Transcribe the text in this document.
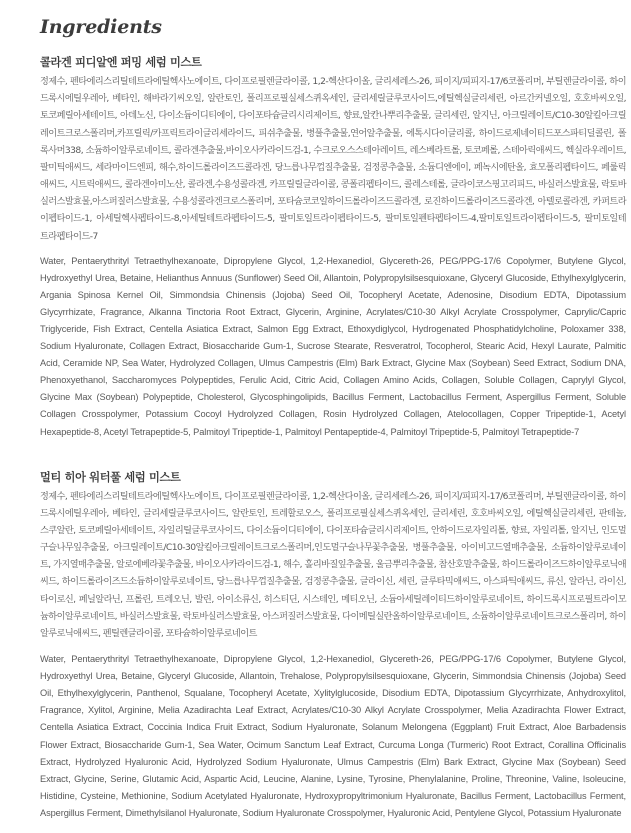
Ingredients
콜라겐 피디알엔 퍼밍 세럼 미스트

정제수, 펜타에리스리틸테트라에틸헥사노에이트, 다이프로필렌글라이콜, 1,2-헥산다이올, 글리세레스-26, 피이지/피피지-17/6코폴리머, 부틸렌글라이콜, 하이드록시에틸우레아, 베타인, 해바라기씨오일, 알란토인, 폴리프로필실세스퀴옥세인, 글리세릴글루코사이드,에틸헥실글리세린, 아르간커넬오일, 호호바씨오일, 토코페릴아세테이트, 아데노신, 다이소듐이디티에이, 다이포타슘글리시리제이트, 향료,알칸나뿌리추출물, 글리세린, 알지닌, 아크릴레이트/C10-30알킬아크릴레이트크로스폴리머,카프릴릭/카프릭트라이글리세라이드, 피쉬추출물, 병풀추출물,연어알추출물, 에톡시다이글리콜, 하이드로제네이티드포스파티딜콜린, 폴록사머338, 소듐하이알루로네이트, 콜라겐추출물,바이오사카라이드검-1, 수크로오스스테아레이트, 레스베라트롤, 토코페롤, 스테아릭애씨드, 헥실라우레이트, 팔미틱애씨드, 세라마이드엔피, 해수,하이드롤라이즈드콜라겐, 당느릅나무껍질추출물, 검정콩추출물, 소듐디엔에이, 페녹시에탄올, 효모폴리펩타이드, 페룰릭애씨드, 시트릭애씨드, 콜라겐아미노산, 콜라겐,수용성콜라겐, 카프릴릴글라이콜, 콩폴리펩타이드, 콜레스테롤, 글라이코스핑고리피드, 바실러스발효물, 락토바실러스발효물,아스퍼질러스발효물, 수용성콜라겐크로스폴리머, 포타슘코코일하이드롤라이즈드콜라겐, 로진하이드롤라이즈드콜라겐, 아텔로콜라겐, 카퍼트라이펩타이드-1, 아세틸헥사펩타이드-8,아세틸테트라펩타이드-5, 팔미토일트라이펩타이드-5, 팔미토일펜타펩타이드-4,팔미토일트라이펩타이드-5, 팔미토일테트라펩타이드-7

Water, Pentaerythrityl Tetraethylhexanoate, Dipropylene Glycol, 1,2-Hexanediol, Glycereth-26, PEG/PPG-17/6 Copolymer, Butylene Glycol, Hydroxyethyl Urea, Betaine, Helianthus Annuus (Sunflower) Seed Oil, Allantoin, Polypropylsilsesquioxane, Glyceryl Glucoside, Ethylhexylglycerin, Argania Spinosa Kernel Oil, Simmondsia Chinensis (Jojoba) Seed Oil, Tocopheryl Acetate, Adenosine, Disodium EDTA, Dipotassium Glycyrrhizate, Fragrance, Alkanna Tinctoria Root Extract, Glycerin, Arginine, Acrylates/C10-30 Alkyl Acrylate Crosspolymer, Caprylic/Capric Triglyceride, Fish Extract, Centella Asiatica Extract, Salmon Egg Extract, Ethoxydiglycol, Hydrogenated Phosphatidylcholine, Poloxamer 338, Sodium Hyaluronate, Collagen Extract, Biosaccharide Gum-1, Sucrose Stearate, Resveratrol, Tocopherol, Stearic Acid, Hexyl Laurate, Palmitic Acid, Ceramide NP, Sea Water, Hydrolyzed Collagen, Ulmus Campestris (Elm) Bark Extract, Glycine Max (Soybean) Seed Extract, Sodium DNA, Phenoxyethanol, Saccharomyces Polypeptides, Ferulic Acid, Citric Acid, Collagen Amino Acids, Collagen, Soluble Collagen, Caprylyl Glycol, Glycine Max (Soybean) Polypeptide, Cholesterol, Glycosphingolipids, Bacillus Ferment, Lactobacillus Ferment, Aspergillus Ferment, Soluble Collagen Crosspolymer, Potassium Cocoyl Hydrolyzed Collagen, Rosin Hydrolyzed Collagen, Atelocollagen, Copper Tripeptide-1, Acetyl Hexapeptide-8, Acetyl Tetrapeptide-5, Palmitoyl Tripeptide-1, Palmitoyl Pentapeptide-4, Palmitoyl Tripeptide-5, Palmitoyl Tetrapeptide-7

멀티 히아 워터풀 세럼 미스트

정제수, 펜타에리스리틸테트라에틸헥사노에이트, 다이프로필렌글라이콜, 1,2-헥산다이올, 글리세레스-26, 피이지/피피지-17/6코폴리머, 부틸렌글라이콜, 하이드록시에틸우레아, 베타인, 글리세릴글루코사이드, 알란토인, 트레할로오스, 폴리프로필실세스퀴옥세인, 글리세린, 호호바씨오일, 에틸헥실글리세린, 판테놀, 스쿠알란, 토코페릴아세테이트, 자일리틸글루코사이드, 다이소듐이디티에이, 다이포타슘글리시리제이트, 안하이드로자일리톨, 향료, 자일리톨, 알지닌, 인도멀구슬나무잎추출물, 아크릴레이트/C10-30알킬아크릴레이트크로스폴리머,인도멀구슬나무꽃추출물, 병풀추출물, 아이비고드열매추출물, 소듐하이알루로네이트, 가지열매추출물, 알로에베라꽃추출물, 바이오사카라이드검-1, 해수, 홀리바질잎추출물, 울금뿌리추출물, 참산호말추출물, 하이드롤라이즈드하이알루로닉애씨드, 하이드롤라이즈드소듐하이알루로네이트, 당느릅나무껍질추출물, 검정콩추출물, 글라이신, 세린, 글루타믹애씨드, 아스파틱애씨드, 류신, 알라닌, 라이신, 타이로신, 페닐알라닌, 프롤린, 트레오닌, 발린, 아이소류신, 히스티딘, 시스테인, 메티오닌, 소듐아세틸레이티드하이알루로네이트, 하이드록시프로필트라이모늄하이알루로네이트, 바실러스발효물, 락토바실러스발효물, 아스퍼질러스발효물, 다이메틸실란올하이알루로네이트, 소듐하이알루로네이트크로스폴리머, 하이알루로닉애씨드, 펜틸렌글라이콜, 포타슘하이알루로네이트

Water, Pentaerythrityl Tetraethylhexanoate, Dipropylene Glycol, 1,2-Hexanediol, Glycereth-26, PEG/PPG-17/6 Copolymer, Butylene Glycol, Hydroxyethyl Urea, Betaine, Glyceryl Glucoside, Allantoin, Trehalose, Polypropylsilsesquioxane, Glycerin, Simmondsia Chinensis (Jojoba) Seed Oil, Ethylhexylglycerin, Panthenol, Squalane, Tocopheryl Acetate, Xylitylglucoside, Disodium EDTA, Dipotassium Glycyrrhizate, Anhydroxylitol, Fragrance, Xylitol, Arginine, Melia Azadirachta Leaf Extract, Acrylates/C10-30 Alkyl Acrylate Crosspolymer, Melia Azadirachta Flower Extract, Centella Asiatica Extract, Coccinia Indica Fruit Extract, Sodium Hyaluronate, Solanum Melongena (Eggplant) Fruit Extract, Aloe Barbadensis Flower Extract, Biosaccharide Gum-1, Sea Water, Ocimum Sanctum Leaf Extract, Curcuma Longa (Turmeric) Root Extract, Corallina Officinalis Extract, Hydrolyzed Hyaluronic Acid, Hydrolyzed Sodium Hyaluronate, Ulmus Campestris (Elm) Bark Extract, Glycine Max (Soybean) Seed Extract, Glycine, Serine, Glutamic Acid, Aspartic Acid, Leucine, Alanine, Lysine, Tyrosine, Phenylalanine, Proline, Threonine, Valine, Isoleucine, Histidine, Cysteine, Methionine, Sodium Acetylated Hyaluronate, Hydroxypropyltrimonium Hyaluronate, Bacillus Ferment, Lactobacillus Ferment, Aspergillus Ferment, Dimethylsilanol Hyaluronate, Sodium Hyaluronate Crosspolymer, Hyaluronic Acid, Pentylene Glycol, Potassium Hyaluronate
